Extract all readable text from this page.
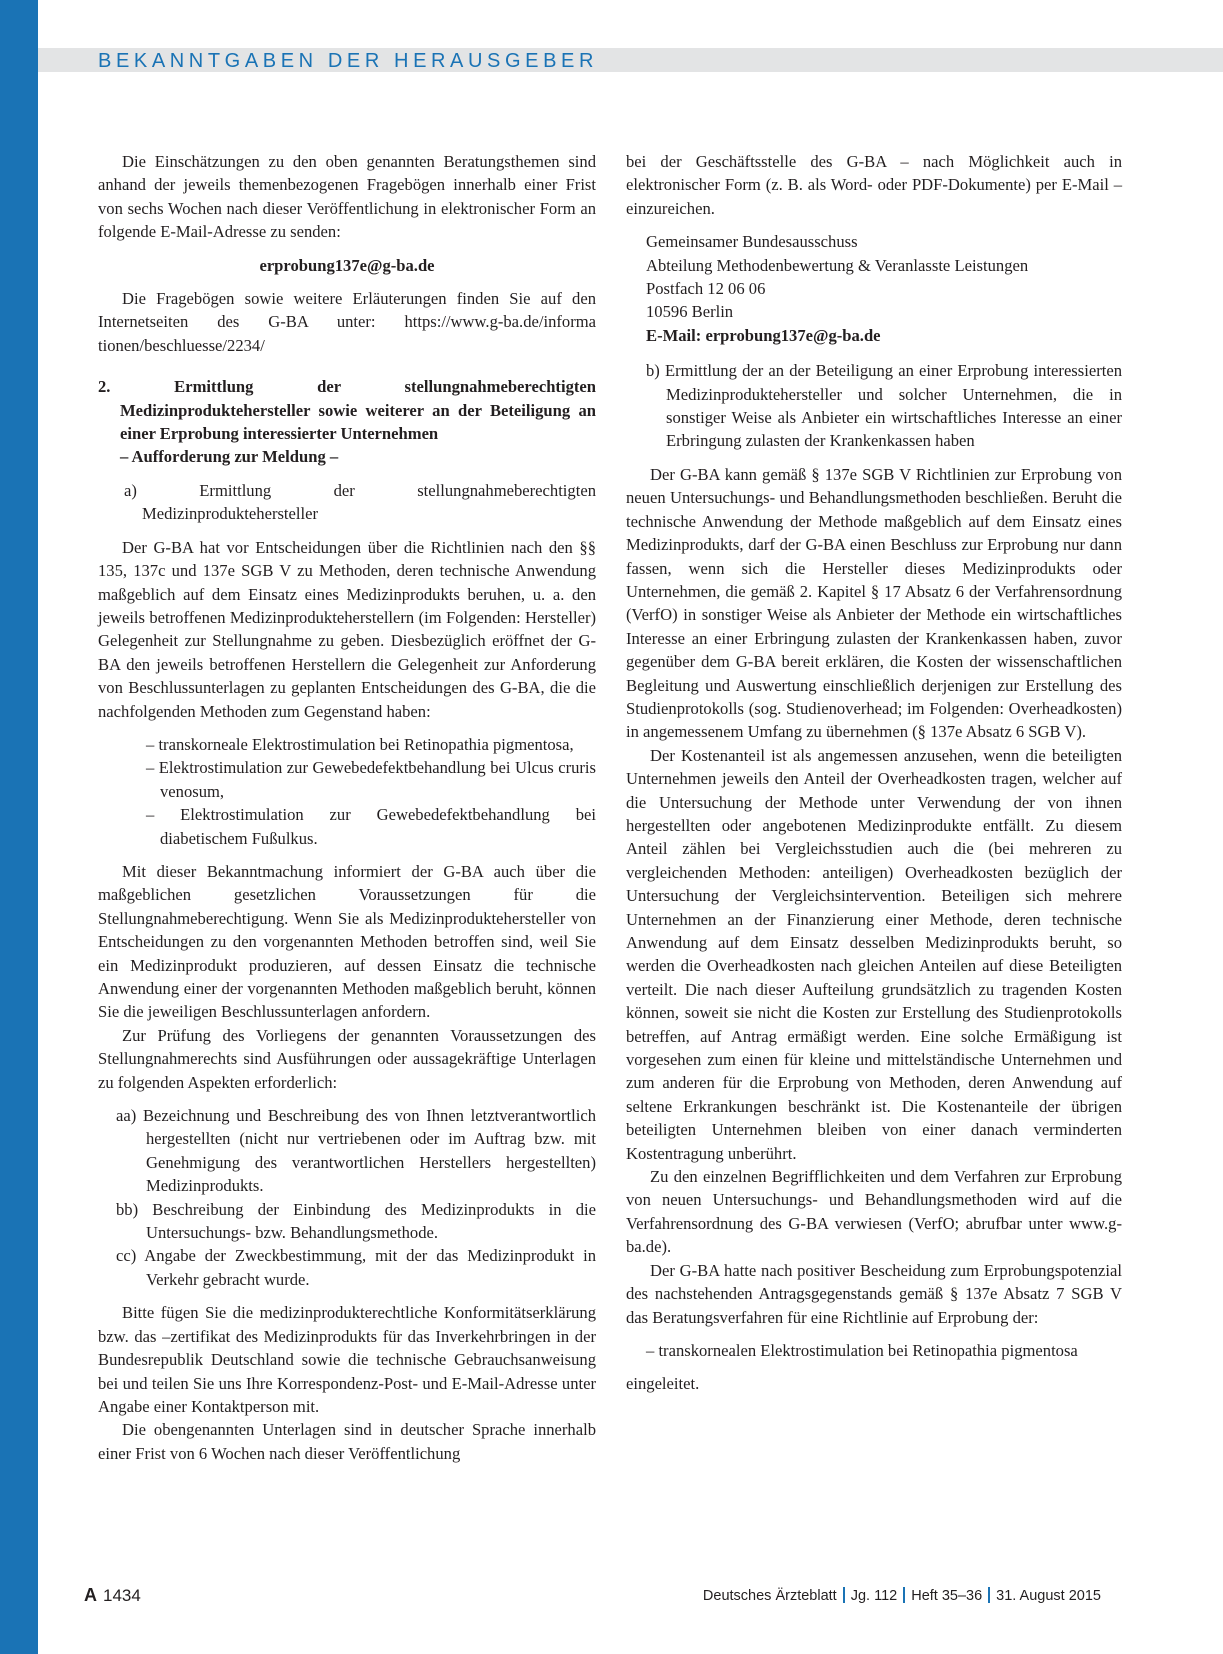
BEKANNTGABEN DER HERAUSGEBER

Die Einschätzungen zu den oben genannten Beratungsthemen sind anhand der jeweils themenbezogenen Fragebögen innerhalb einer Frist von sechs Wochen nach dieser Veröffentlichung in elektronischer Form an folgende E-Mail-Adresse zu senden:

erprobung137e@g-ba.de

Die Fragebögen sowie weitere Erläuterungen finden Sie auf den Internetseiten des G-BA unter: https://www.g-ba.de/informa tionen/beschluesse/2234/

2. Ermittlung der stellungnahmeberechtigten Medizinproduktehersteller sowie weiterer an der Beteiligung an einer Erprobung interessierter Unternehmen
– Aufforderung zur Meldung –

a) Ermittlung der stellungnahmeberechtigten Medizinproduktehersteller

Der G-BA hat vor Entscheidungen über die Richtlinien nach den §§ 135, 137c und 137e SGB V zu Methoden, deren technische Anwendung maßgeblich auf dem Einsatz eines Medizinprodukts beruhen, u. a. den jeweils betroffenen Medizinprodukteherstellern (im Folgenden: Hersteller) Gelegenheit zur Stellungnahme zu geben. Diesbezüglich eröffnet der G-BA den jeweils betroffenen Herstellern die Gelegenheit zur Anforderung von Beschlussunterlagen zu geplanten Entscheidungen des G-BA, die die nachfolgenden Methoden zum Gegenstand haben:

– transkorneale Elektrostimulation bei Retinopathia pigmentosa,
– Elektrostimulation zur Gewebedefektbehandlung bei Ulcus cruris venosum,
– Elektrostimulation zur Gewebedefektbehandlung bei diabetischem Fußulkus.

Mit dieser Bekanntmachung informiert der G-BA auch über die maßgeblichen gesetzlichen Voraussetzungen für die Stellungnahmeberechtigung. Wenn Sie als Medizinproduktehersteller von Entscheidungen zu den vorgenannten Methoden betroffen sind, weil Sie ein Medizinprodukt produzieren, auf dessen Einsatz die technische Anwendung einer der vorgenannten Methoden maßgeblich beruht, können Sie die jeweiligen Beschlussunterlagen anfordern.

Zur Prüfung des Vorliegens der genannten Voraussetzungen des Stellungnahmerechts sind Ausführungen oder aussagekräftige Unterlagen zu folgenden Aspekten erforderlich:

aa) Bezeichnung und Beschreibung des von Ihnen letztverantwortlich hergestellten (nicht nur vertriebenen oder im Auftrag bzw. mit Genehmigung des verantwortlichen Herstellers hergestellten) Medizinprodukts.
bb) Beschreibung der Einbindung des Medizinprodukts in die Untersuchungs- bzw. Behandlungsmethode.
cc) Angabe der Zweckbestimmung, mit der das Medizinprodukt in Verkehr gebracht wurde.

Bitte fügen Sie die medizinprodukterechtliche Konformitätserklärung bzw. das –zertifikat des Medizinprodukts für das Inverkehrbringen in der Bundesrepublik Deutschland sowie die technische Gebrauchsanweisung bei und teilen Sie uns Ihre Korrespondenz-Post- und E-Mail-Adresse unter Angabe einer Kontaktperson mit.

Die obengenannten Unterlagen sind in deutscher Sprache innerhalb einer Frist von 6 Wochen nach dieser Veröffentlichung

bei der Geschäftsstelle des G-BA – nach Möglichkeit auch in elektronischer Form (z. B. als Word- oder PDF-Dokumente) per E-Mail – einzureichen.

Gemeinsamer Bundesausschuss
Abteilung Methodenbewertung & Veranlasste Leistungen
Postfach 12 06 06
10596 Berlin
E-Mail: erprobung137e@g-ba.de

b) Ermittlung der an der Beteiligung an einer Erprobung interessierten Medizinproduktehersteller und solcher Unternehmen, die in sonstiger Weise als Anbieter ein wirtschaftliches Interesse an einer Erbringung zulasten der Krankenkassen haben

Der G-BA kann gemäß § 137e SGB V Richtlinien zur Erprobung von neuen Untersuchungs- und Behandlungsmethoden beschließen. Beruht die technische Anwendung der Methode maßgeblich auf dem Einsatz eines Medizinprodukts, darf der G-BA einen Beschluss zur Erprobung nur dann fassen, wenn sich die Hersteller dieses Medizinprodukts oder Unternehmen, die gemäß 2. Kapitel § 17 Absatz 6 der Verfahrensordnung (VerfO) in sonstiger Weise als Anbieter der Methode ein wirtschaftliches Interesse an einer Erbringung zulasten der Krankenkassen haben, zuvor gegenüber dem G-BA bereit erklären, die Kosten der wissenschaftlichen Begleitung und Auswertung einschließlich derjenigen zur Erstellung des Studienprotokolls (sog. Studienoverhead; im Folgenden: Overheadkosten) in angemessenem Umfang zu übernehmen (§ 137e Absatz 6 SGB V).

Der Kostenanteil ist als angemessen anzusehen, wenn die beteiligten Unternehmen jeweils den Anteil der Overheadkosten tragen, welcher auf die Untersuchung der Methode unter Verwendung der von ihnen hergestellten oder angebotenen Medizinprodukte entfällt. Zu diesem Anteil zählen bei Vergleichsstudien auch die (bei mehreren zu vergleichenden Methoden: anteiligen) Overheadkosten bezüglich der Untersuchung der Vergleichsintervention. Beteiligen sich mehrere Unternehmen an der Finanzierung einer Methode, deren technische Anwendung auf dem Einsatz desselben Medizinprodukts beruht, so werden die Overheadkosten nach gleichen Anteilen auf diese Beteiligten verteilt. Die nach dieser Aufteilung grundsätzlich zu tragenden Kosten können, soweit sie nicht die Kosten zur Erstellung des Studienprotokolls betreffen, auf Antrag ermäßigt werden. Eine solche Ermäßigung ist vorgesehen zum einen für kleine und mittelständische Unternehmen und zum anderen für die Erprobung von Methoden, deren Anwendung auf seltene Erkrankungen beschränkt ist. Die Kostenanteile der übrigen beteiligten Unternehmen bleiben von einer danach verminderten Kostentragung unberührt.

Zu den einzelnen Begrifflichkeiten und dem Verfahren zur Erprobung von neuen Untersuchungs- und Behandlungsmethoden wird auf die Verfahrensordnung des G-BA verwiesen (VerfO; abrufbar unter www.g-ba.de).

Der G-BA hatte nach positiver Bescheidung zum Erprobungspotenzial des nachstehenden Antragsgegenstands gemäß § 137e Absatz 7 SGB V das Beratungsverfahren für eine Richtlinie auf Erprobung der:

– transkornealen Elektrostimulation bei Retinopathia pigmentosa

eingeleitet.

A 1434	Deutsches Ärzteblatt Jg. 112 Heft 35–36 31. August 2015
